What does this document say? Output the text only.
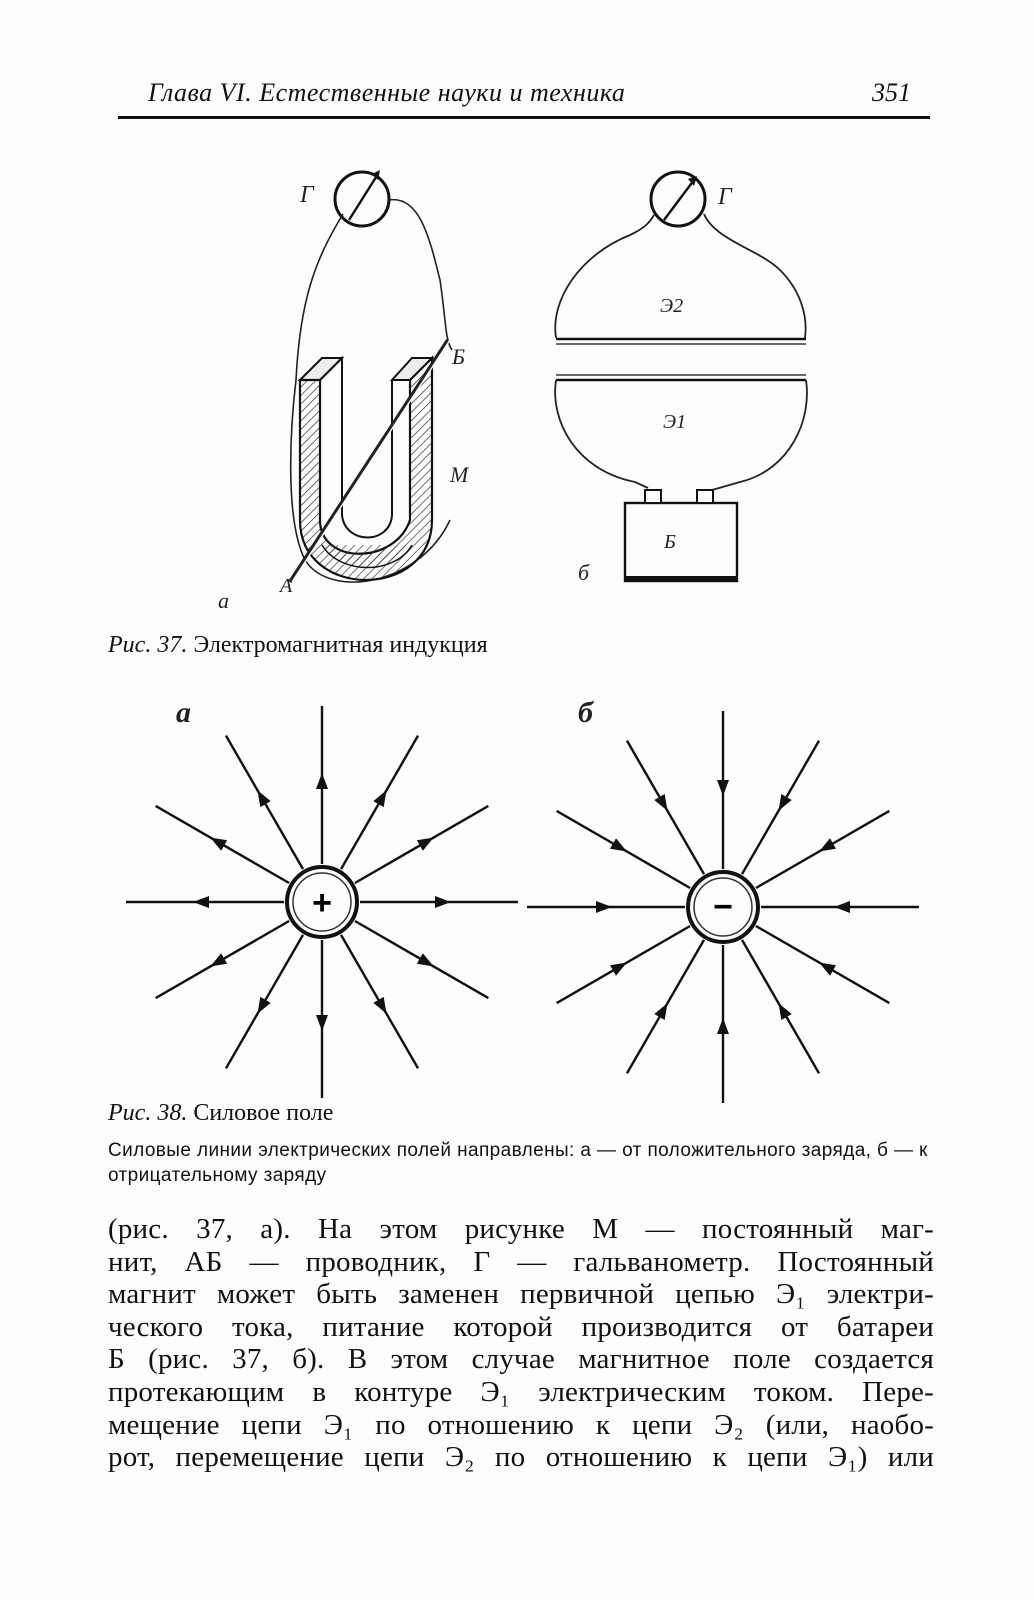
Глава VI. Естественные науки и техника	351
Г
Б
М
А
а
Г
Э2
Э1
Б
б
а	б
+	−
Рис. 37. Электромагнитная индукция
Рис. 38. Силовое поле
Силовые линии электрических полей направлены: а — от положительного заряда, б — к отрицательному заряду

(рис. 37, а). На этом рисунке М — постоянный маг-

нит, АБ — проводник, Г — гальванометр. Постоянный

магнит может быть заменен первичной цепью Э₁ электри-

ческого тока, питание которой производится от батареи

Б (рис. 37, б). В этом случае магнитное поле создается

протекающим в контуре Э₁ электрическим током. Пере-

мещение цепи Э₁ по отношению к цепи Э₂ (или, наобо-

рот, перемещение цепи Э₂ по отношению к цепи Э₁) или
